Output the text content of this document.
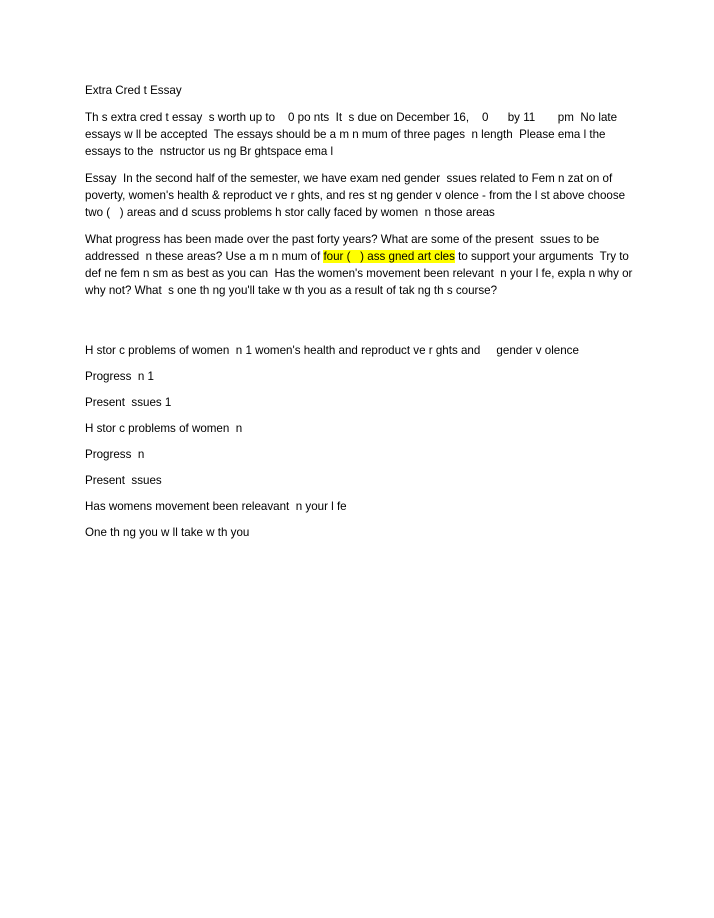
Extra Cred t Essay

Th s extra cred t essay  s worth up to    0 po nts  It  s due on December 16,    0      by 11       pm  No late essays w ll be accepted  The essays should be a m n mum of three pages  n length  Please ema l the essays to the  nstructor us ng Br ghtspace ema l

Essay  In the second half of the semester, we have exam ned gender  ssues related to Fem n zat on of poverty, women's health & reproduct ve r ghts, and res st ng gender v olence - from the l st above choose two (   ) areas and d scuss problems h stor cally faced by women  n those areas

What progress has been made over the past forty years? What are some of the present  ssues to be addressed  n these areas? Use a m n mum of four (   ) ass gned art cles to support your arguments  Try to def ne fem n sm as best as you can  Has the women's movement been relevant  n your l fe, expla n why or why not? What  s one th ng you'll take w th you as a result of tak ng th s course?

H stor c problems of women  n 1 women's health and reproduct ve r ghts and     gender v olence

Progress  n 1

Present  ssues 1

H stor c problems of women  n

Progress  n

Present  ssues

Has womens movement been releavant  n your l fe

One th ng you w ll take w th you
